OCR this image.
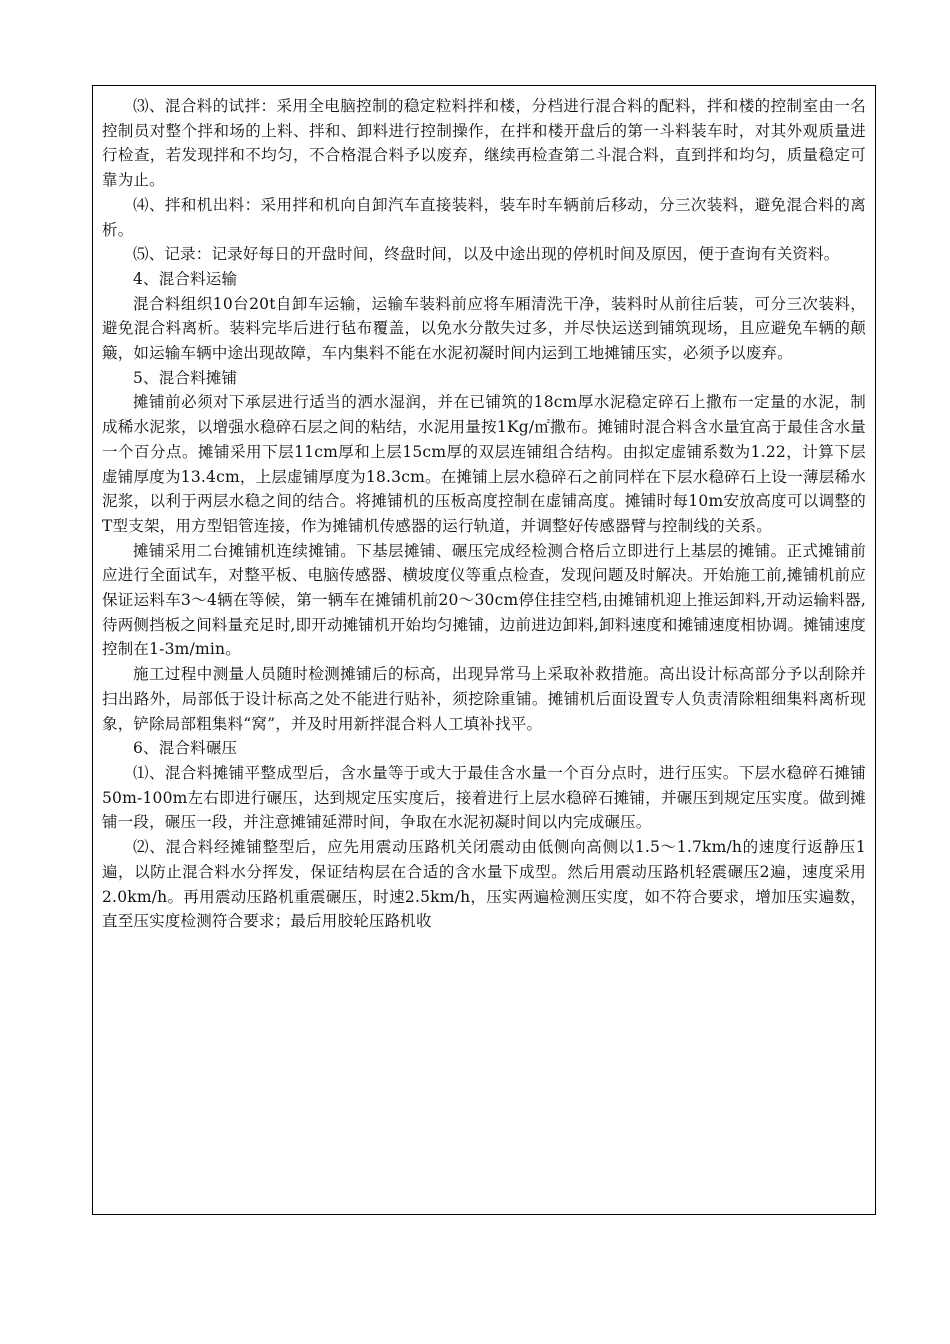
⑶、混合料的试拌：采用全电脑控制的稳定粒料拌和楼，分档进行混合料的配料，拌和楼的控制室由一名控制员对整个拌和场的上料、拌和、卸料进行控制操作，在拌和楼开盘后的第一斗料装车时，对其外观质量进行检查，若发现拌和不均匀，不合格混合料予以废弃，继续再检查第二斗混合料，直到拌和均匀，质量稳定可靠为止。

⑷、拌和机出料：采用拌和机向自卸汽车直接装料，装车时车辆前后移动，分三次装料，避免混合料的离析。

⑸、记录：记录好每日的开盘时间，终盘时间，以及中途出现的停机时间及原因，便于查询有关资料。

4、混合料运输

混合料组织10台20t自卸车运输，运输车装料前应将车厢清洗干净，装料时从前往后装，可分三次装料，避免混合料离析。装料完毕后进行毡布覆盖，以免水分散失过多，并尽快运送到铺筑现场，且应避免车辆的颠簸，如运输车辆中途出现故障，车内集料不能在水泥初凝时间内运到工地摊铺压实，必须予以废弃。

5、混合料摊铺

摊铺前必须对下承层进行适当的洒水湿润，并在已铺筑的18cm厚水泥稳定碎石上撒布一定量的水泥，制成稀水泥浆，以增强水稳碎石层之间的粘结，水泥用量按1Kg/㎡撒布。摊铺时混合料含水量宜高于最佳含水量一个百分点。摊铺采用下层11cm厚和上层15cm厚的双层连铺组合结构。由拟定虚铺系数为1.22，计算下层虚铺厚度为13.4cm，上层虚铺厚度为18.3cm。在摊铺上层水稳碎石之前同样在下层水稳碎石上设一薄层稀水泥浆，以利于两层水稳之间的结合。将摊铺机的压板高度控制在虚铺高度。摊铺时每10m安放高度可以调整的T型支架，用方型铝管连接，作为摊铺机传感器的运行轨道，并调整好传感器臂与控制线的关系。

摊铺采用二台摊铺机连续摊铺。下基层摊铺、碾压完成经检测合格后立即进行上基层的摊铺。正式摊铺前应进行全面试车，对整平板、电脑传感器、横坡度仪等重点检查，发现问题及时解决。开始施工前,摊铺机前应保证运料车3～4辆在等候，第一辆车在摊铺机前20～30cm停住挂空档,由摊铺机迎上推运卸料,开动运输料器,待两侧挡板之间料量充足时,即开动摊铺机开始均匀摊铺，边前进边卸料,卸料速度和摊铺速度相协调。摊铺速度控制在1-3m/min。

施工过程中测量人员随时检测摊铺后的标高，出现异常马上采取补救措施。高出设计标高部分予以刮除并扫出路外，局部低于设计标高之处不能进行贴补，须挖除重铺。摊铺机后面设置专人负责清除粗细集料离析现象，铲除局部粗集料“窝”，并及时用新拌混合料人工填补找平。

6、混合料碾压

⑴、混合料摊铺平整成型后，含水量等于或大于最佳含水量一个百分点时，进行压实。下层水稳碎石摊铺50m-100m左右即进行碾压，达到规定压实度后，接着进行上层水稳碎石摊铺，并碾压到规定压实度。做到摊铺一段，碾压一段，并注意摊铺延滞时间，争取在水泥初凝时间以内完成碾压。

⑵、混合料经摊铺整型后，应先用震动压路机关闭震动由低侧向高侧以1.5～1.7km/h的速度行返静压1遍，以防止混合料水分挥发，保证结构层在合适的含水量下成型。然后用震动压路机轻震碾压2遍，速度采用2.0km/h。再用震动压路机重震碾压，时速2.5km/h，压实两遍检测压实度，如不符合要求，增加压实遍数，直至压实度检测符合要求；最后用胶轮压路机收
